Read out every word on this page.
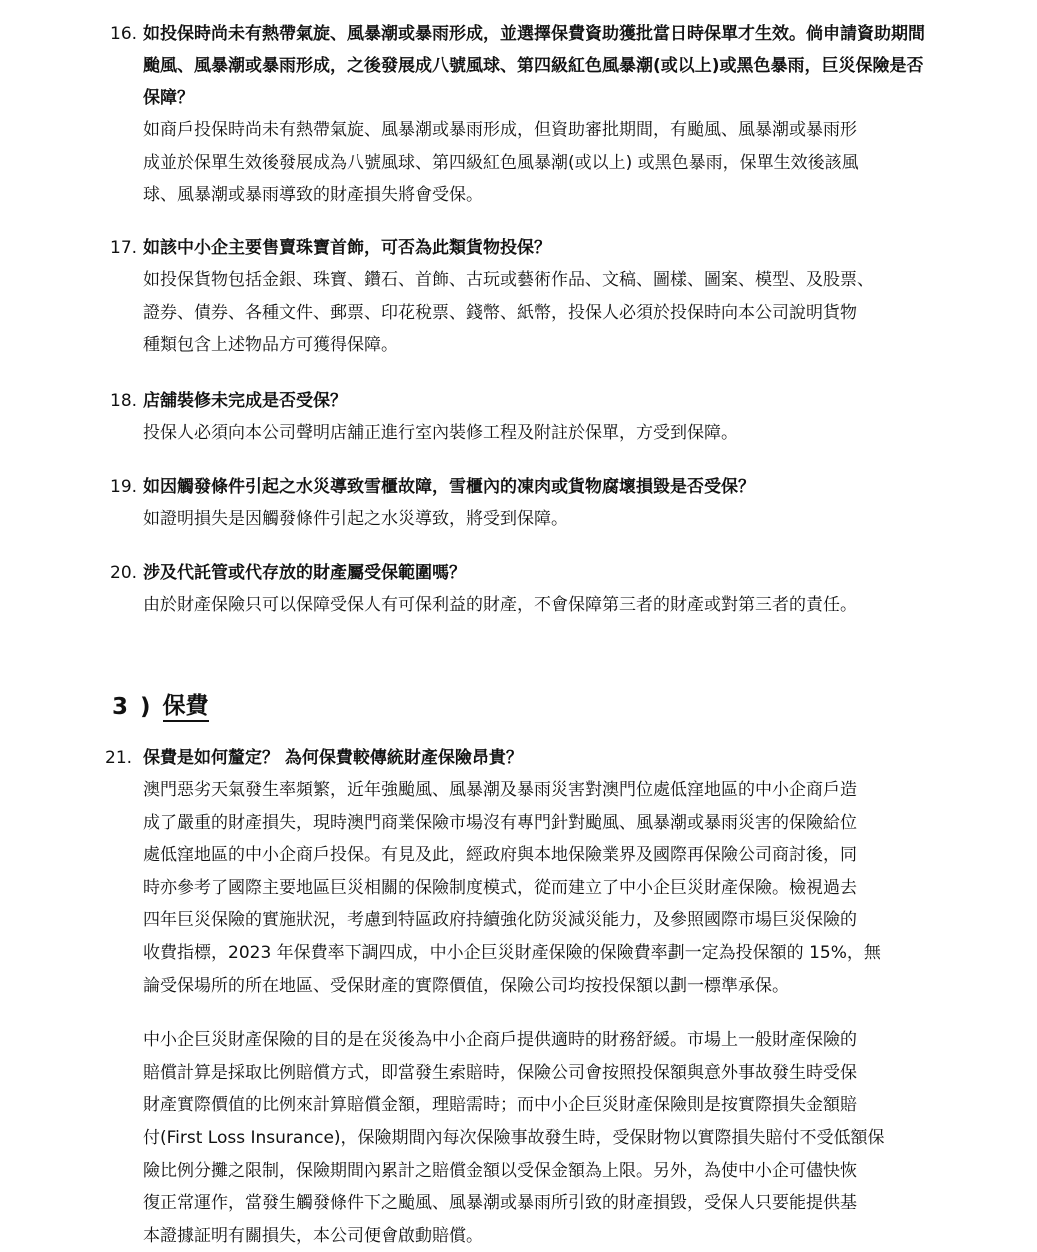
16. 如投保時尚未有熱帶氣旋、風暴潮或暴雨形成，並選擇保費資助獲批當日時保單才生效。倘申請資助期間颱風、風暴潮或暴雨形成，之後發展成八號風球、第四級紅色風暴潮(或以上)或黑色暴雨，巨災保險是否保障？

如商戶投保時尚未有熱帶氣旋、風暴潮或暴雨形成，但資助審批期間，有颱風、風暴潮或暴雨形
成並於保單生效後發展成為八號風球、第四級紅色風暴潮(或以上) 或黑色暴雨，保單生效後該風
球、風暴潮或暴雨導致的財產損失將會受保。
17. 如該中小企主要售賣珠寶首飾，可否為此類貨物投保？

如投保貨物包括金銀、珠寶、鑽石、首飾、古玩或藝術作品、文稿、圖樣、圖案、模型、及股票、
證券、債券、各種文件、郵票、印花稅票、錢幣、紙幣，投保人必須於投保時向本公司說明貨物
種類包含上述物品方可獲得保障。
18. 店舖裝修未完成是否受保？

投保人必須向本公司聲明店舖正進行室內裝修工程及附註於保單，方受到保障。
19. 如因觸發條件引起之水災導致雪櫃故障，雪櫃內的凍肉或貨物腐壞損毀是否受保？

如證明損失是因觸發條件引起之水災導致，將受到保障。
20. 涉及代託管或代存放的財產屬受保範圍嗎？

由於財產保險只可以保障受保人有可保利益的財產，不會保障第三者的財產或對第三者的責任。
3 ) 保費
21. 保費是如何釐定？ 為何保費較傳統財產保險昂貴？

澳門惡劣天氣發生率頻繁，近年強颱風、風暴潮及暴雨災害對澳門位處低窪地區的中小企商戶造
成了嚴重的財產損失，現時澳門商業保險市場沒有專門針對颱風、風暴潮或暴雨災害的保險給位
處低窪地區的中小企商戶投保。有見及此，經政府與本地保險業界及國際再保險公司商討後，同
時亦參考了國際主要地區巨災相關的保險制度模式，從而建立了中小企巨災財產保險。檢視過去
四年巨災保險的實施狀況，考慮到特區政府持續強化防災減災能力，及參照國際市場巨災保險的
收費指標，2023 年保費率下調四成，中小企巨災財產保險的保險費率劃一定為投保額的 15%，無
論受保場所的所在地區、受保財產的實際價值，保險公司均按投保額以劃一標準承保。
中小企巨災財產保險的目的是在災後為中小企商戶提供適時的財務舒緩。市場上一般財產保險的
賠償計算是採取比例賠償方式，即當發生索賠時，保險公司會按照投保額與意外事故發生時受保
財產實際價值的比例來計算賠償金額，理賠需時；而中小企巨災財產保險則是按實際損失金額賠
付(First Loss Insurance)，保險期間內每次保險事故發生時，受保財物以實際損失賠付不受低額保
險比例分攤之限制，保險期間內累計之賠償金額以受保金額為上限。另外，為使中小企可儘快恢
復正常運作，當發生觸發條件下之颱風、風暴潮或暴雨所引致的財產損毀，受保人只要能提供基
本證據証明有關損失，本公司便會啟動賠償。
